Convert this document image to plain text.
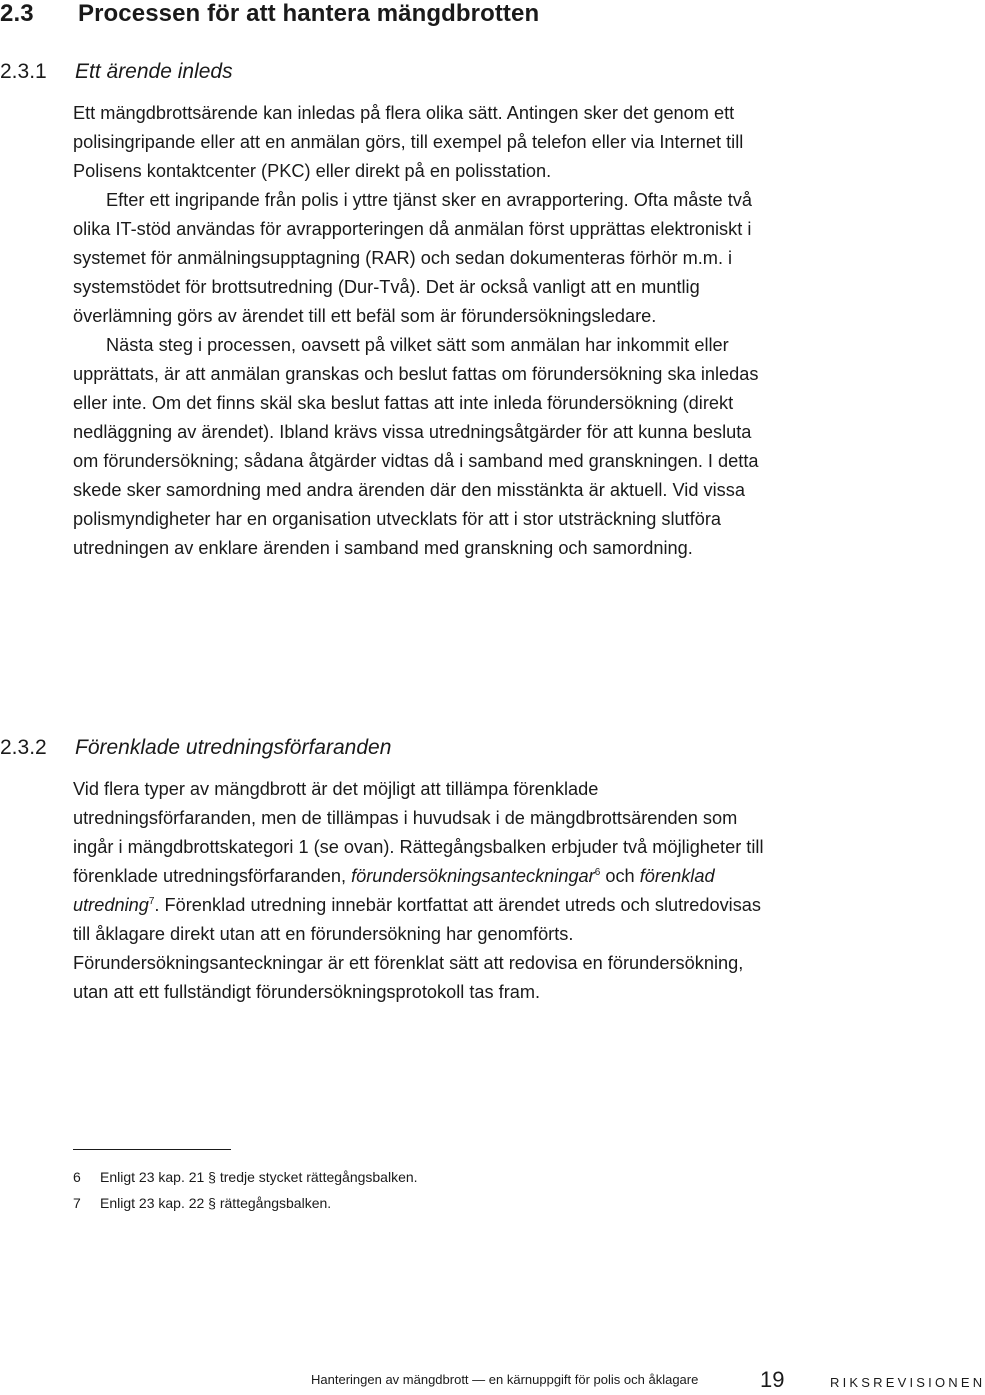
2.3 Processen för att hantera mängdbrotten
2.3.1 Ett ärende inleds

Ett mängdbrottsärende kan inledas på flera olika sätt. Antingen sker det genom ett polisingripande eller att en anmälan görs, till exempel på telefon eller via Internet till Polisens kontaktcenter (PKC) eller direkt på en polisstation.

Efter ett ingripande från polis i yttre tjänst sker en avrapportering. Ofta måste två olika IT-stöd användas för avrapporteringen då anmälan först upprättas elektroniskt i systemet för anmälningsupptagning (RAR) och sedan dokumenteras förhör m.m. i systemstödet för brottsutredning (Dur-Två). Det är också vanligt att en muntlig överlämning görs av ärendet till ett befäl som är förundersökningsledare.

Nästa steg i processen, oavsett på vilket sätt som anmälan har inkommit eller upprättats, är att anmälan granskas och beslut fattas om förundersökning ska inledas eller inte. Om det finns skäl ska beslut fattas att inte inleda förundersökning (direkt nedläggning av ärendet). Ibland krävs vissa utredningsåtgärder för att kunna besluta om förundersökning; sådana åtgärder vidtas då i samband med granskningen. I detta skede sker samordning med andra ärenden där den misstänkta är aktuell. Vid vissa polismyndigheter har en organisation utvecklats för att i stor utsträckning slutföra utredningen av enklare ärenden i samband med granskning och samordning.

2.3.2 Förenklade utredningsförfaranden

Vid flera typer av mängdbrott är det möjligt att tillämpa förenklade utredningsförfaranden, men de tillämpas i huvudsak i de mängdbrottsärenden som ingår i mängdbrottskategori 1 (se ovan). Rättegångsbalken erbjuder två möjligheter till förenklade utredningsförfaranden, förundersökningsanteckningar$^6$ och förenklad utredning$^7$. Förenklad utredning innebär kortfattat att ärendet utreds och slutredovisas till åklagare direkt utan att en förundersökning har genomförts. Förundersökningsanteckningar är ett förenklat sätt att redovisa en förundersökning, utan att ett fullständigt förundersökningsprotokoll tas fram.

6 Enligt 23 kap. 21 § tredje stycket rättegångsbalken.
7 Enligt 23 kap. 22 § rättegångsbalken.
Hanteringen av mängdbrott — en kärnuppgift för polis och åklagare	19	RIKSREVISIONEN
